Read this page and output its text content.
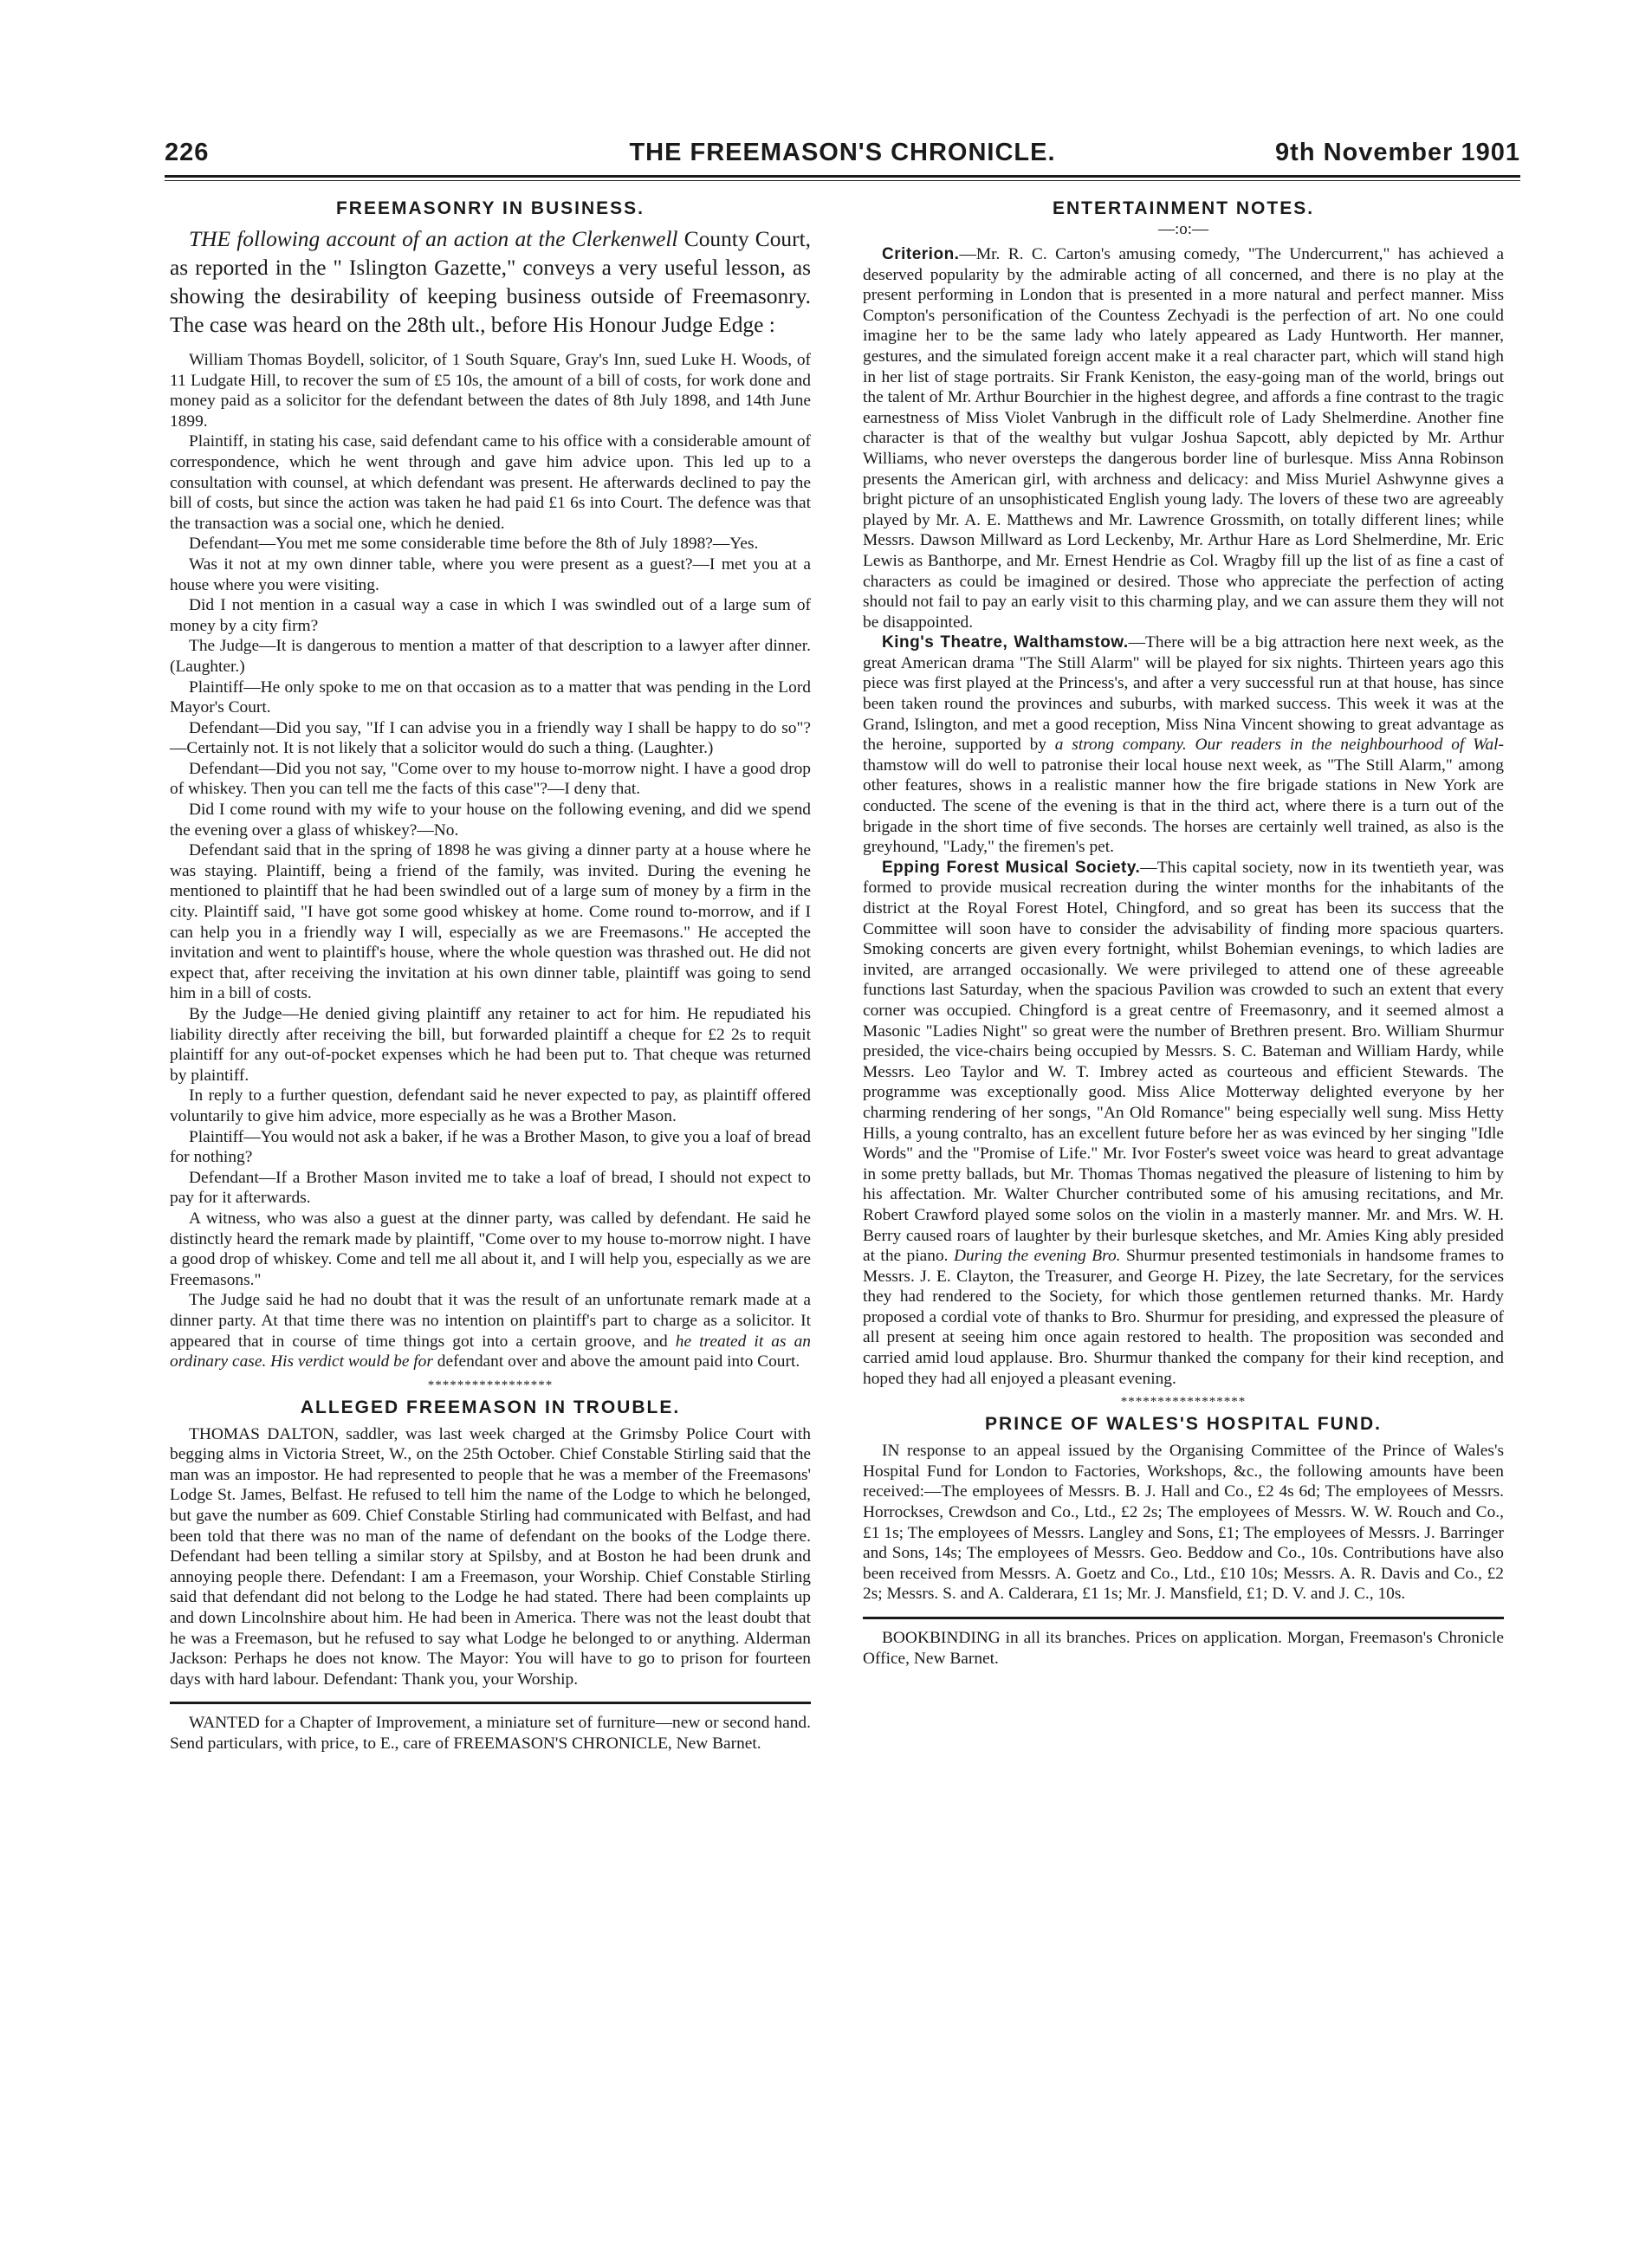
THE FREEMASON'S CHRONICLE.
226	9th November 1901
FREEMASONRY IN BUSINESS.

THE following account of an action at the Clerkenwell County Court, as reported in the " Islington Gazette," conveys a very useful lesson, as showing the desirability of keeping business outside of Freemasonry. The case was heard on the 28th ult., before His Honour Judge Edge :

William Thomas Boydell, solicitor, of 1 South Square, Gray's Inn, sued Luke H. Woods, of 11 Ludgate Hill, to recover the sum of £5 10s, the amount of a bill of costs, for work done and money paid as a solicitor for the defendant between the dates of 8th July 1898, and 14th June 1899.

Plaintiff, in stating his case, said defendant came to his office with a considerable amount of correspondence, which he went through and gave him advice upon. This led up to a consultation with counsel, at which defendant was present. He afterwards declined to pay the bill of costs, but since the action was taken he had paid £1 6s into Court. The defence was that the transaction was a social one, which he denied.

Defendant—You met me some considerable time before the 8th of July 1898?—Yes.

Was it not at my own dinner table, where you were present as a guest?—I met you at a house where you were visiting.

Did I not mention in a casual way a case in which I was swindled out of a large sum of money by a city firm?

The Judge—It is dangerous to mention a matter of that description to a lawyer after dinner. (Laughter.)

Plaintiff—He only spoke to me on that occasion as to a matter that was pending in the Lord Mayor's Court.

Defendant—Did you say, "If I can advise you in a friendly way I shall be happy to do so"?—Certainly not. It is not likely that a solicitor would do such a thing. (Laughter.)

Defendant—Did you not say, "Come over to my house to-morrow night. I have a good drop of whiskey. Then you can tell me the facts of this case"?—I deny that.

Did I come round with my wife to your house on the following evening, and did we spend the evening over a glass of whiskey?—No.

Defendant said that in the spring of 1898 he was giving a dinner party at a house where he was staying. Plaintiff, being a friend of the family, was invited. During the evening he mentioned to plaintiff that he had been swindled out of a large sum of money by a firm in the city. Plaintiff said, "I have got some good whiskey at home. Come round to-morrow, and if I can help you in a friendly way I will, especially as we are Freemasons." He accepted the invitation and went to plaintiff's house, where the whole question was thrashed out. He did not expect that, after receiving the invitation at his own dinner table, plaintiff was going to send him in a bill of costs.

By the Judge—He denied giving plaintiff any retainer to act for him. He repudiated his liability directly after receiving the bill, but forwarded plaintiff a cheque for £2 2s to requit plaintiff for any out-of-pocket expenses which he had been put to. That cheque was returned by plaintiff.

In reply to a further question, defendant said he never expected to pay, as plaintiff offered voluntarily to give him advice, more especially as he was a Brother Mason.

Plaintiff—You would not ask a baker, if he was a Brother Mason, to give you a loaf of bread for nothing?

Defendant—If a Brother Mason invited me to take a loaf of bread, I should not expect to pay for it afterwards.

A witness, who was also a guest at the dinner party, was called by defendant. He said he distinctly heard the remark made by plaintiff, "Come over to my house to-morrow night. I have a good drop of whiskey. Come and tell me all about it, and I will help you, especially as we are Freemasons."

The Judge said he had no doubt that it was the result of an unfortunate remark made at a dinner party. At that time there was no intention on plaintiff's part to charge as a solicitor. It appeared that in course of time things got into a certain groove, and he treated it as an ordinary case. His verdict would be for defendant over and above the amount paid into Court.

*****************
ALLEGED FREEMASON IN TROUBLE.

THOMAS DALTON, saddler, was last week charged at the Grimsby Police Court with begging alms in Victoria Street, W., on the 25th October. Chief Constable Stirling said that the man was an impostor. He had represented to people that he was a member of the Freemasons' Lodge St. James, Belfast. He refused to tell him the name of the Lodge to which he belonged, but gave the number as 609. Chief Constable Stirling had communicated with Belfast, and had been told that there was no man of the name of defendant on the books of the Lodge there. Defendant had been telling a similar story at Spilsby, and at Boston he had been drunk and annoying people there. Defendant: I am a Freemason, your Worship. Chief Constable Stirling said that defendant did not belong to the Lodge he had stated. There had been complaints up and down Lincolnshire about him. He had been in America. There was not the least doubt that he was a Freemason, but he refused to say what Lodge he belonged to or anything. Alderman Jackson: Perhaps he does not know. The Mayor: You will have to go to prison for fourteen days with hard labour. Defendant: Thank you, your Worship.

WANTED for a Chapter of Improvement, a miniature set of furniture—new or second hand. Send particulars, with price, to E., care of FREEMASON'S CHRONICLE, New Barnet.

ENTERTAINMENT NOTES.
—:o:—

Criterion.—Mr. R. C. Carton's amusing comedy, "The Undercurrent," has achieved a deserved popularity by the admirable acting of all concerned, and there is no play at the present performing in London that is presented in a more natural and perfect manner. Miss Compton's personification of the Countess Zechyadi is the perfection of art. No one could imagine her to be the same lady who lately appeared as Lady Huntworth. Her manner, gestures, and the simulated foreign accent make it a real character part, which will stand high in her list of stage portraits. Sir Frank Keniston, the easy-going man of the world, brings out the talent of Mr. Arthur Bourchier in the highest degree, and affords a fine contrast to the tragic earnestness of Miss Violet Vanbrugh in the difficult role of Lady Shelmerdine. Another fine character is that of the wealthy but vulgar Joshua Sapcott, ably depicted by Mr. Arthur Williams, who never oversteps the dangerous border line of burlesque. Miss Anna Robinson presents the American girl, with archness and delicacy: and Miss Muriel Ashwynne gives a bright picture of an unsophisticated English young lady. The lovers of these two are agreeably played by Mr. A. E. Matthews and Mr. Lawrence Grossmith, on totally different lines; while Messrs. Dawson Millward as Lord Leckenby, Mr. Arthur Hare as Lord Shelmerdine, Mr. Eric Lewis as Banthorpe, and Mr. Ernest Hendrie as Col. Wragby fill up the list of as fine a cast of characters as could be imagined or desired. Those who appreciate the perfection of acting should not fail to pay an early visit to this charming play, and we can assure them they will not be disappointed.

King's Theatre, Walthamstow.—There will be a big attraction here next week, as the great American drama "The Still Alarm" will be played for six nights. Thirteen years ago this piece was first played at the Princess's, and after a very successful run at that house, has since been taken round the provinces and suburbs, with marked success. This week it was at the Grand, Islington, and met a good reception, Miss Nina Vincent showing to great advantage as the heroine, supported by a strong company. Our readers in the neighbourhood of Wal- thamstow will do well to patronise their local house next week, as "The Still Alarm," among other features, shows in a realistic manner how the fire brigade stations in New York are conducted. The scene of the evening is that in the third act, where there is a turn out of the brigade in the short time of five seconds. The horses are certainly well trained, as also is the greyhound, "Lady," the firemen's pet.

Epping Forest Musical Society.—This capital society, now in its twentieth year, was formed to provide musical recreation during the winter months for the inhabitants of the district at the Royal Forest Hotel, Chingford, and so great has been its success that the Committee will soon have to consider the advisability of finding more spacious quarters. Smoking concerts are given every fortnight, whilst Bohemian evenings, to which ladies are invited, are arranged occasionally. We were privileged to attend one of these agreeable functions last Saturday, when the spacious Pavilion was crowded to such an extent that every corner was occupied. Chingford is a great centre of Freemasonry, and it seemed almost a Masonic "Ladies Night" so great were the number of Brethren present. Bro. William Shurmur presided, the vice-chairs being occupied by Messrs. S. C. Bateman and William Hardy, while Messrs. Leo Taylor and W. T. Imbrey acted as courteous and efficient Stewards. The programme was exceptionally good. Miss Alice Motterway delighted everyone by her charming rendering of her songs, "An Old Romance" being especially well sung. Miss Hetty Hills, a young contralto, has an excellent future before her as was evinced by her singing "Idle Words" and the "Promise of Life." Mr. Ivor Foster's sweet voice was heard to great advantage in some pretty ballads, but Mr. Thomas Thomas negatived the pleasure of listening to him by his affectation. Mr. Walter Churcher contributed some of his amusing recitations, and Mr. Robert Crawford played some solos on the violin in a masterly manner. Mr. and Mrs. W. H. Berry caused roars of laughter by their burlesque sketches, and Mr. Amies King ably presided at the piano. During the evening Bro. Shurmur presented testimonials in handsome frames to Messrs. J. E. Clayton, the Treasurer, and George H. Pizey, the late Secretary, for the services they had rendered to the Society, for which those gentlemen returned thanks. Mr. Hardy proposed a cordial vote of thanks to Bro. Shurmur for presiding, and expressed the pleasure of all present at seeing him once again restored to health. The proposition was seconded and carried amid loud applause. Bro. Shurmur thanked the company for their kind reception, and hoped they had all enjoyed a pleasant evening.

*****************
PRINCE OF WALES'S HOSPITAL FUND.

IN response to an appeal issued by the Organising Committee of the Prince of Wales's Hospital Fund for London to Factories, Workshops, &c., the following amounts have been received:—The employees of Messrs. B. J. Hall and Co., £2 4s 6d; The employees of Messrs. Horrockses, Crewdson and Co., Ltd., £2 2s; The employees of Messrs. W. W. Rouch and Co., £1 1s; The employees of Messrs. Langley and Sons, £1; The employees of Messrs. J. Barringer and Sons, 14s; The employees of Messrs. Geo. Beddow and Co., 10s. Contributions have also been received from Messrs. A. Goetz and Co., Ltd., £10 10s; Messrs. A. R. Davis and Co., £2 2s; Messrs. S. and A. Calderara, £1 1s; Mr. J. Mansfield, £1; D. V. and J. C., 10s.

BOOKBINDING in all its branches. Prices on application. Morgan, Freemason's Chronicle Office, New Barnet.
